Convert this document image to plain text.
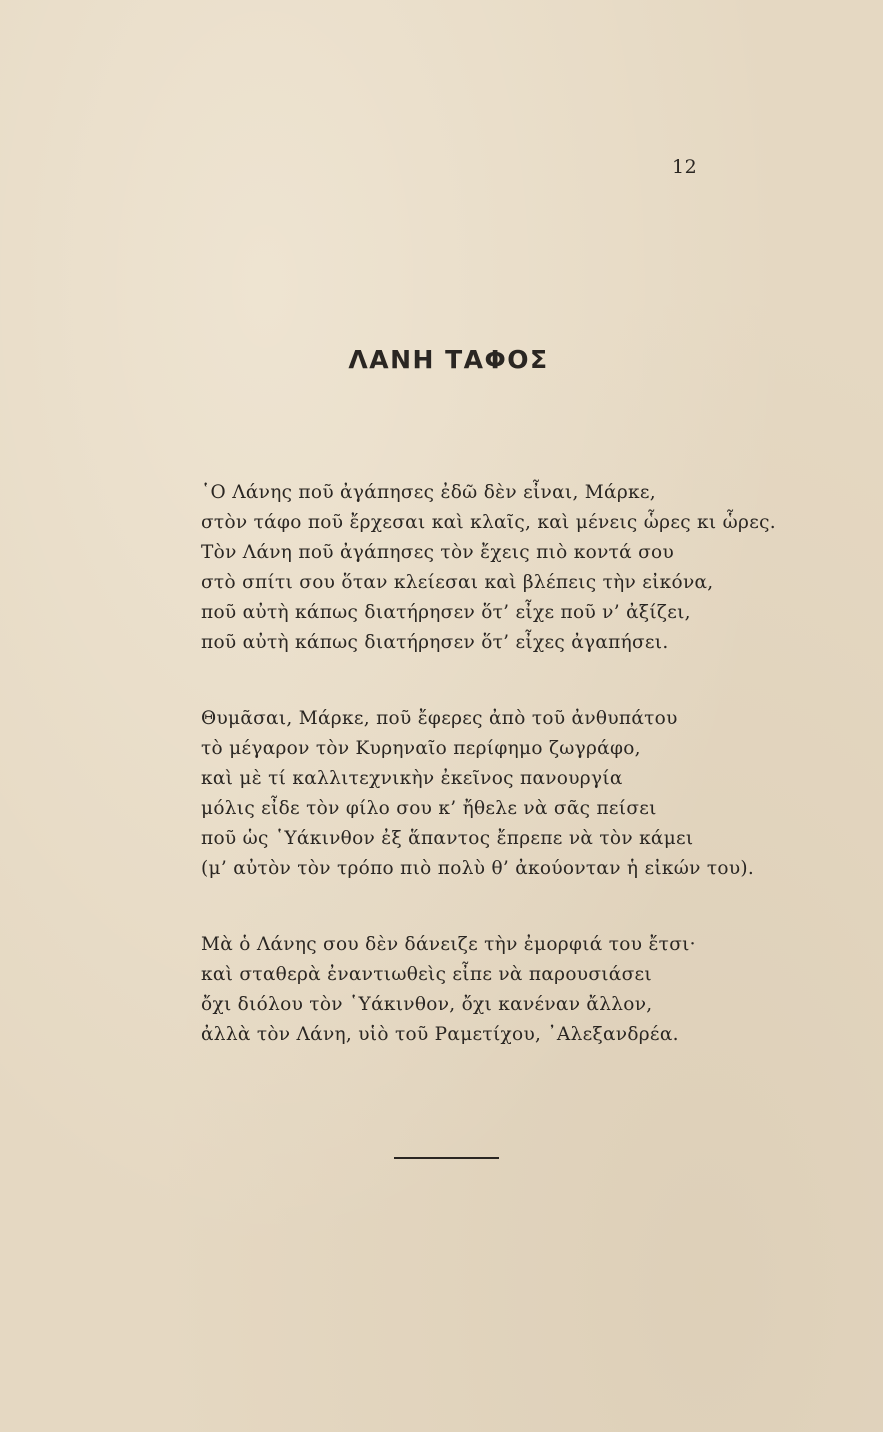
12
ΛΑΝΗ ΤΑΦΟΣ
῾Ο Λάνης ποῦ ἀγάπησες ἐδῶ δὲν εἶναι, Μάρκε,
στὸν τάφο ποῦ ἔρχεσαι καὶ κλαῖς, καὶ μένεις ὧρες κι ὧρες.
Τὸν Λάνη ποῦ ἀγάπησες τὸν ἔχεις πιὸ κοντά σου
στὸ σπίτι σου ὅταν κλείεσαι καὶ βλέπεις τὴν εἰκόνα,
ποῦ αὐτὴ κάπως διατήρησεν ὅτ’ εἶχε ποῦ ν’ ἀξίζει,
ποῦ αὐτὴ κάπως διατήρησεν ὅτ’ εἶχες ἀγαπήσει.
Θυμᾶσαι, Μάρκε, ποῦ ἔφερες ἀπὸ τοῦ ἀνθυπάτου
τὸ μέγαρον τὸν Κυρηναῖο περίφημο ζωγράφο,
καὶ μὲ τί καλλιτεχνικὴν ἐκεῖνος πανουργία
μόλις εἶδε τὸν φίλο σου κ’ ἤθελε νὰ σᾶς πείσει
ποῦ ὡς ῾Υάκινθον ἐξ ἅπαντος ἔπρεπε νὰ τὸν κάμει
(μ’ αὐτὸν τὸν τρόπο πιὸ πολὺ θ’ ἀκούονταν ἡ εἰκών του).
Μὰ ὁ Λάνης σου δὲν δάνειζε τὴν ἐμορφιά του ἔτσι·
καὶ σταθερὰ ἐναντιωθεὶς εἶπε νὰ παρουσιάσει
ὄχι διόλου τὸν ῾Υάκινθον, ὄχι κανέναν ἄλλον,
ἀλλὰ τὸν Λάνη, υἱὸ τοῦ Ραμετίχου, ᾿Αλεξανδρέα.
